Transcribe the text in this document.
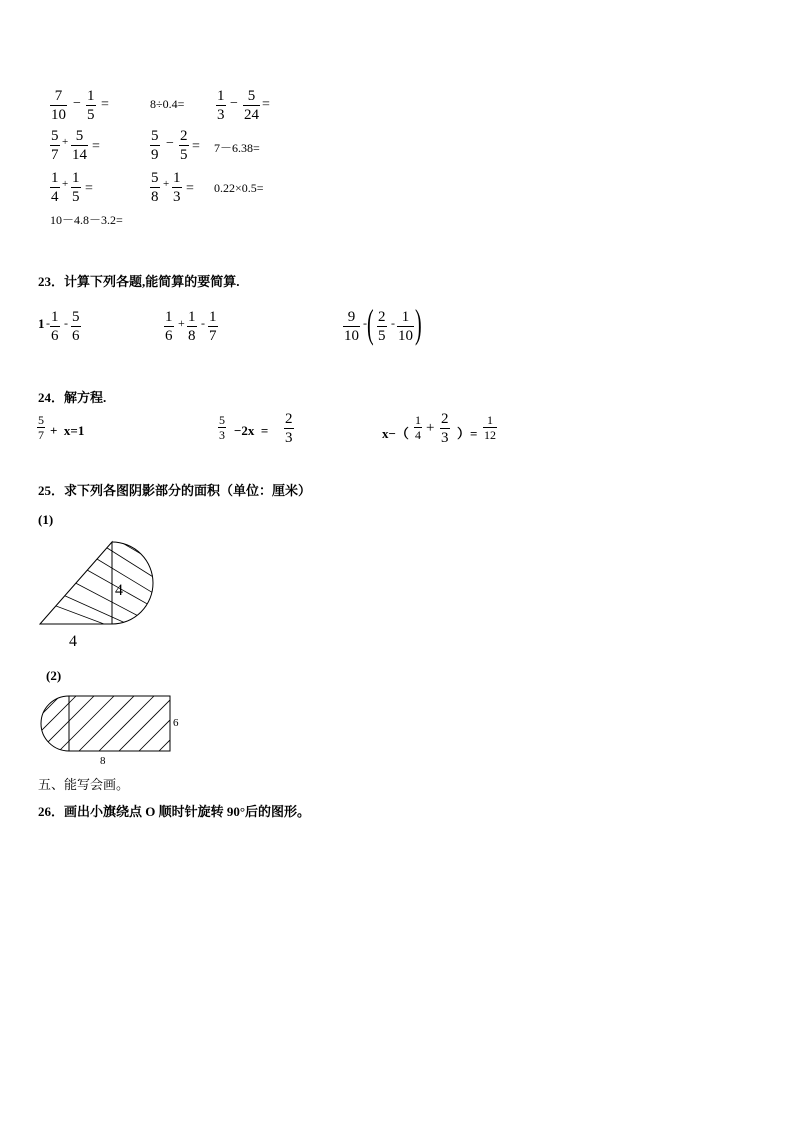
7
10
− 1
5
=	8÷0.4= 1
3
− 5
24
=
5
7
+ 5
14
=
5
9
− 2
5
= 7－6.38=
1
4
+ 1
5
=
5
8
+ 1
3
= 0.22×0.5=
10－4.8－3.2=
23．计算下列各题,能简算的要简算.
1 - 1
6
- 5
6
1
6
+ 1
8
- 1
7
9
10
- ( 2
5
- 1
10 )
24．解方程.
5
7 +  x=1
5
3 −2x  =
2
3	x−（
1
4 +
2
3 ）=
1
12
25．求下列各图阴影部分的面积（单位：厘米）
(1)
4
4
(2)
6
8
五、能写会画。
26．画出小旗绕点 O 顺时针旋转 90°后的图形。
